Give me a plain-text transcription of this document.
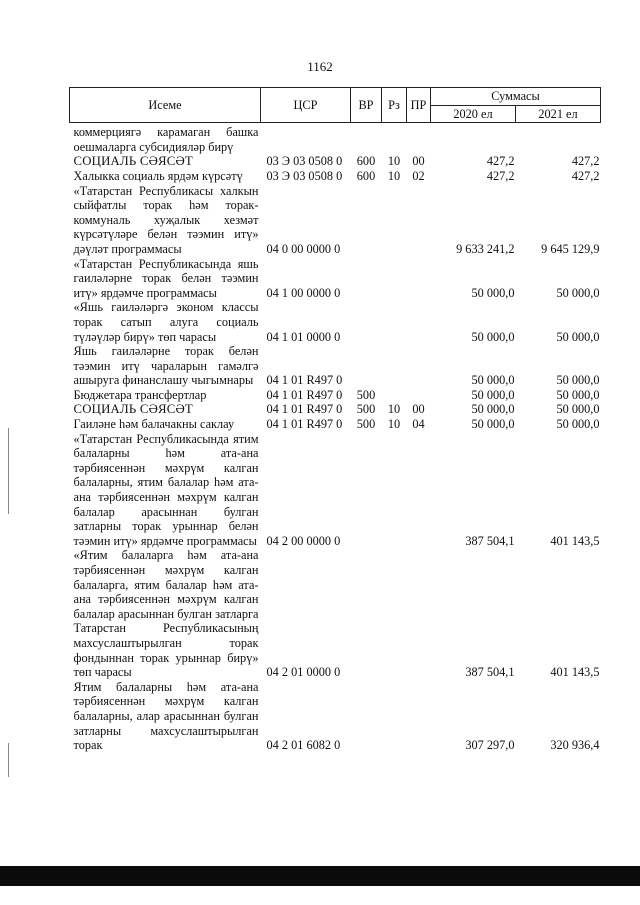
1162
Исеме	ЦСР	ВР	Рз	ПР	Суммасы	
					2020 ел	2021 ел
коммерциягә карамаган башка оешмаларга субсидияләр бирү						
СОЦИАЛЬ СӘЯСӘТ	03 Э 03 0508 0	600	10	00	427,2	427,2
Халыкка социаль ярдәм күрсәтү	03 Э 03 0508 0	600	10	02	427,2	427,2
«Татарстан Республикасы халкын сыйфатлы торак һәм торак-коммуналь хуҗалык хезмәт күрсәтүләре белән тәэмин итү» дәүләт программасы	04 0 00 0000 0				9 633 241,2	9 645 129,9
«Татарстан Республикасында яшь гаиләләрне торак белән тәэмин итү» ярдәмче программасы	04 1 00 0000 0				50 000,0	50 000,0
«Яшь гаиләләргә эконом классы торак сатып алуга социаль түләүләр бирү» төп чарасы	04 1 01 0000 0				50 000,0	50 000,0
Яшь гаиләләрне торак белән тәэмин итү чараларын гамәлгә ашыруга финанслашу чыгымнары	04 1 01 R497 0				50 000,0	50 000,0
Бюджетара трансфертлар	04 1 01 R497 0	500			50 000,0	50 000,0
СОЦИАЛЬ СӘЯСӘТ	04 1 01 R497 0	500	10	00	50 000,0	50 000,0
Гаиләне һәм балачакны саклау	04 1 01 R497 0	500	10	04	50 000,0	50 000,0
«Татарстан Республикасында ятим балаларны һәм ата-ана тәрбиясеннән мәхрүм калган балаларны, ятим балалар һәм ата-ана тәрбиясеннән мәхрүм калган балалар арасыннан булган затларны торак урыннар белән тәэмин итү» ярдәмче программасы	04 2 00 0000 0				387 504,1	401 143,5
«Ятим балаларга һәм ата-ана тәрбиясеннән мәхрүм калган балаларга, ятим балалар һәм ата-ана тәрбиясеннән мәхрүм калган балалар арасыннан булган затларга Татарстан Республикасының махсуслаштырылган торак фондыннан торак урыннар бирү» төп чарасы	04 2 01 0000 0				387 504,1	401 143,5
Ятим балаларны һәм ата-ана тәрбиясеннән мәхрүм калган балаларны, алар арасыннан булган затларны махсуслаштырылган торак	04 2 01 6082 0				307 297,0	320 936,4
